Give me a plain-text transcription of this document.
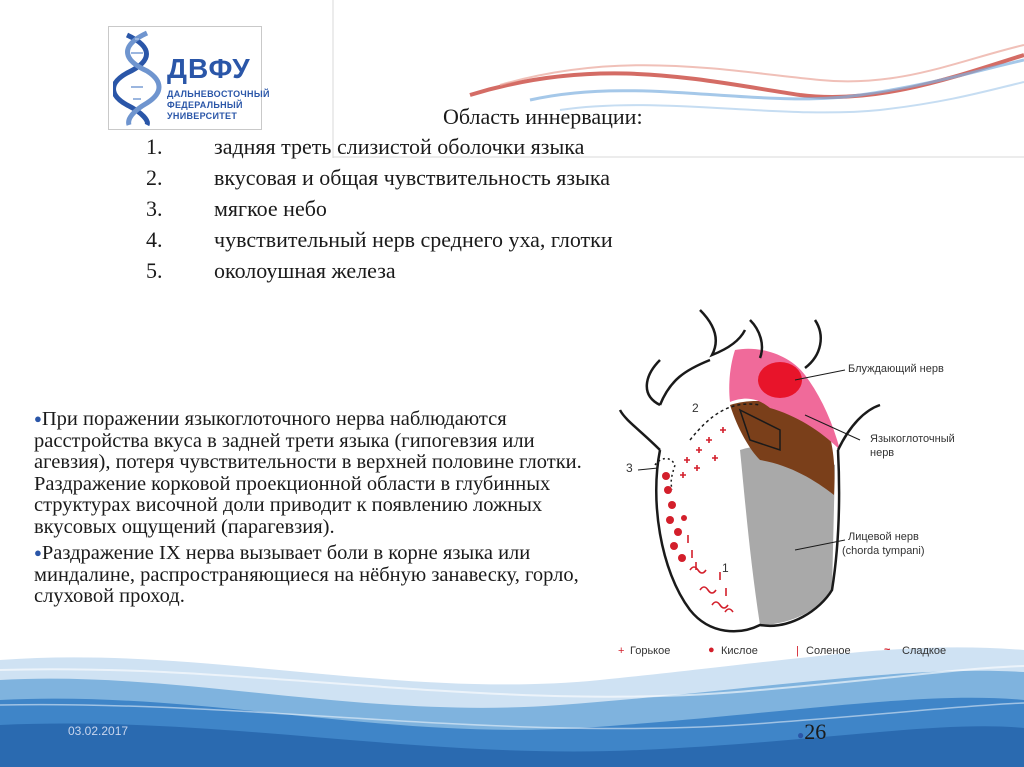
ДВФУ
ДАЛЬНЕВОСТОЧНЫЙ
ФЕДЕРАЛЬНЫЙ
УНИВЕРСИТЕТ	Область иннервации:
1. задняя треть слизистой оболочки языка
2. вкусовая и общая чувствительность языка
3. мягкое небо
4. чувствительный нерв среднего уха, глотки
5. околоушная железа

●При поражении языкоглоточного нерва наблюдаются расстройства вкуса в задней трети языка (гипогевзия или агевзия), потеря чувствительности в верхней половине глотки. Раздражение корковой проекционной области в глубинных структурах височной доли приводит к появлению ложных вкусовых ощущений (парагевзия).

●Раздражение IX нерва вызывает боли в корне языка или миндалине, распространяющиеся на нёбную занавеску, горло, слуховой проход.

Блуждающий нерв
Языкоглоточный
нерв
Лицевой нерв
(chorda tympani)
2
3
1
+ Горькое	● Кислое	| Соленое	~ Сладкое
03.02.2017	●26
